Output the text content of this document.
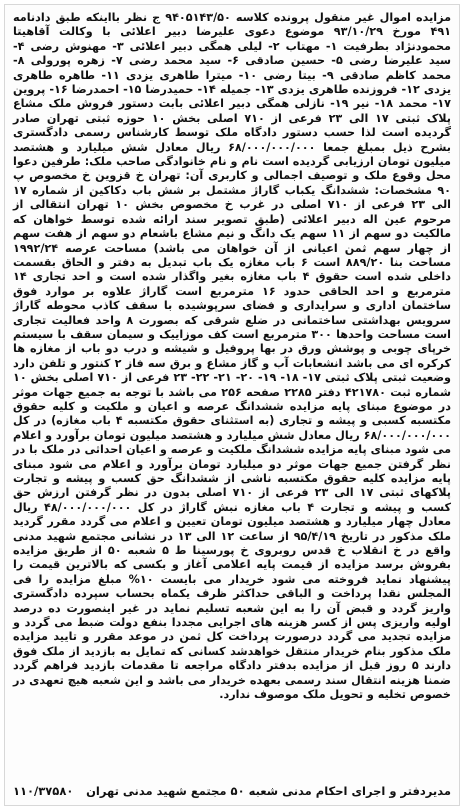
مزایده اموال غیر منقول پرونده کلاسه ۹۴۰۵۱۴۳/۵۰ ج نظر بااینکه طبق دادنامه ۴۹۱ مورخ ۹۳/۱۰/۲۹ موضوع دعوی علیرضا دبیر اعلائی با وکالت آقاهیتا محمودنژاد بطرفیت ۱- مهتاب ۲- لیلی همگی دبیر اعلائی ۳- مهنوش رضی ۴- سید علیرضا رضی ۵- حسین صادقی ۶- سید محمد رضی ۷- زهره پورولی ۸- محمد کاظم صادقی ۹- بیتا رضی ۱۰- میترا طاهری یزدی ۱۱- طاهره طاهری یزدی ۱۲- فروزنده طاهری یزدی ۱۳- جمیله ۱۴- حمیدرضا ۱۵- احمدرضا ۱۶- پروین ۱۷- محمد ۱۸- نیر ۱۹- نازلی همگی دبیر اعلائی بابت دستور فروش ملک مشاع پلاک ثبتی ۱۷ الی ۲۳ فرعی از ۷۱۰ اصلی بخش ۱۰ حوزه ثبتی تهران صادر گردیده است لذا حسب دستور دادگاه ملک توسط کارشناس رسمی دادگستری بشرح ذیل بمبلغ جمعا ۶۸/۰۰۰/۰۰۰/۰۰۰ ریال معادل شش میلیارد و هشتصد میلیون تومان ارزیابی گردیده است نام و نام خانوادگی صاحب ملک: طرفین دعوا محل وقوع ملک و توصیف اجمالی و کاربری آن: تهران خ قزوین خ مخصوص پ ۹۰ مشخصات: ششدانگ یکباب گاراژ مشتمل بر شش باب دکاکین از شماره ۱۷ الی ۲۳ فرعی از ۷۱۰ اصلی در غرب خ مخصوص بخش ۱۰ تهران انتقالی از مرحوم عین اله دبیر اعلائی (طبق تصویر سند ارائه شده توسط خواهان که مالکیت دو سهم از ۱۱ سهم یک دانگ و نیم مشاع باشعام دو سهم از هفت سهم از چهار سهم ثمن اعیانی از آن خواهان می باشد) مساحت عرصه ۱۹۹۲/۲۴ مساحت بنا ۸۸۹/۲۰ است ۶ باب مغازه یک باب تبدیل به دفتر و الحاق بقسمت داخلی شده است حقوق ۴ باب مغازه بغیر واگذار شده است و احد تجاری ۱۴ مترمربع و احد الحاقی حدود ۱۶ مترمربع است گاراژ علاوه بر موارد فوق ساختمان اداری و سرایداری و فضای سرپوشیده با سقف کاذب محوطه گاراژ سرویس بهداشتی ساختمانی در ضلع شرقی که بصورت ۸ واحد فعالیت تجاری است مساحت واحدها ۳۰۰ مترمربع است کف موزاییک و سیمان سقف با سیستم خرپای چوبی و پوشش ورق در بها پروفیل و شیشه و درب دو باب از مغازه ها کرکره ای می باشد انشعابات آب و گاز مشاع و برق سه فاز ۲ کنتور و تلفن دارد وضعیت ثبتی پلاک ثبتی ۱۷- ۱۸- ۱۹- ۲۰- ۲۱- ۲۲- ۲۳ فرعی از ۷۱۰ اصلی بخش ۱۰ شماره ثبت ۴۲۱۷۸۰ دفتر ۲۲۸۵ صفحه ۲۵۶ می باشد با توجه به جمیع جهات موثر در موضوع مبنای پایه مزایده ششدانگ عرصه و اعیان و ملکیت و کلیه حقوق مکتسبه کسبی و پیشه و تجاری (به استثنای حقوق مکتسبه ۴ باب مغازه) در کل ۶۸/۰۰۰/۰۰۰/۰۰۰ ریال معادل شش میلیارد و هشتصد میلیون تومان برآورد و اعلام می شود مبنای پایه مزایده ششدانگ ملکیت و عرصه و اعیان احداثی در ملک با در نظر گرفتن جمیع جهات موثر دو میلیارد تومان برآورد و اعلام می شود مبنای پایه مزایده کلیه حقوق مکتسبه ناشی از ششدانگ حق کسب و پیشه و تجارت پلاکهای ثبتی ۱۷ الی ۲۳ فرعی از ۷۱۰ اصلی بدون در نظر گرفتن ارزش حق کسب و پیشه و تجارت ۴ باب مغازه نبش گاراژ در کل ۴۸/۰۰۰/۰۰۰/۰۰۰ ریال معادل چهار میلیارد و هشتصد میلیون تومان تعیین و اعلام می گردد مقرر گردید ملک مذکور در تاریخ ۹۵/۴/۱۹ از ساعت ۱۲ الی ۱۳ در نشانی مجتمع شهید مدنی واقع در خ انقلاب خ قدس روبروی خ پورسینا ط ۵ شعبه ۵۰ از طریق مزایده بفروش برسد مزایده از قیمت پایه اعلامی آغاز و بکسی که بالاترین قیمت را پیشنهاد نماید فروخته می شود خریدار می بایست ۱۰% مبلغ مزایده را فی المجلس نقدا پرداخت و الباقی حداکثر ظرف یکماه بحساب سپرده دادگستری واریز گردد و قبض آن را به این شعبه تسلیم نماید در غیر اینصورت ده درصد اولیه واریزی پس از کسر هزینه های اجرایی مجددا بنفع دولت ضبط می گردد و مزایده تجدید می گردد درصورت پرداخت کل ثمن در موعد مقرر و تایید مزایده ملک مذکور بنام خریدار منتقل خواهدشد کسانی که تمایل به بازدید از ملک فوق دارند ۵ روز قبل از مزایده بدفتر دادگاه مراجعه تا مقدمات بازدید فراهم گردد ضمنا هزینه انتقال سند رسمی بعهده خریدار می باشد و این شعبه هیچ تعهدی در خصوص تخلیه و تحویل ملک موصوف ندارد.
مدیردفتر و اجرای احکام مدنی شعبه ۵۰ مجتمع شهید مدنی تهران
۱۱۰/۳۷۵۸۰
